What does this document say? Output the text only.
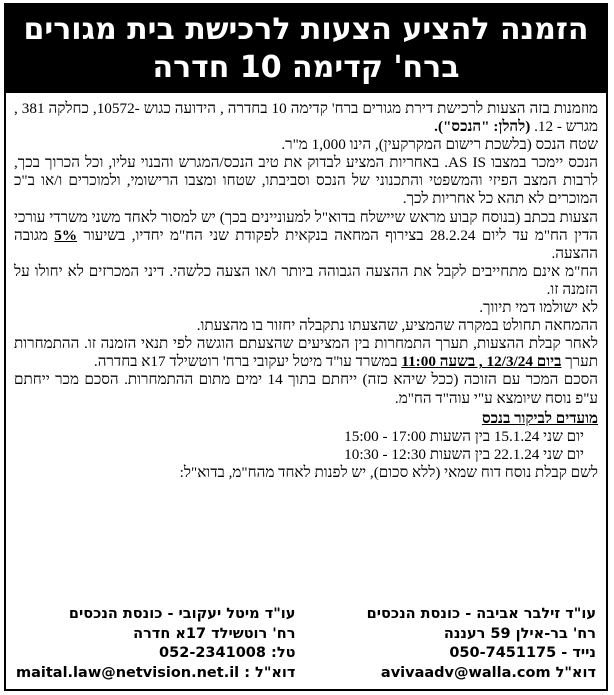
הזמנה להציע הצעות לרכישת בית מגורים
ברח' קדימה 10 חדרה

מוזמנות בזה הצעות לרכישת דירת מגורים ברח' קדימה 10 בחדרה , הידועה כגוש -10572, כחלקה 381 , מגרש - 12. (להלן: "הנכס").

שטח הנכס (בלשכת רישום המקרקעין), הינו 1,000 מ"ר.

הנכס יימכר במצבו AS IS. באחריות המציע לבדוק את טיב הנכס/המגרש והבנוי עליו, וכל הכרוך בכך, לרבות המצב הפיזי והמשפטי והתכנוני של הנכס וסביבתו, שטחו ומצבו הרישומי, ולמוכרים ו/או ב"כ המוכרים לא תהא כל אחריות לכך.

הצעות בכתב (בנוסח קבוע מראש שיישלח בדוא"ל למעוניינים בכך) יש למסור לאחד משני משרדי עורכי הדין הח"מ עד ליום 28.2.24 בצירוף המחאה בנקאית לפקודת שני הח"מ יחדיו, בשיעור 5% מגובה ההצעה.

הח"מ אינם מתחייבים לקבל את ההצעה הגבוהה ביותר ו/או הצעה כלשהי. דיני המכרזים לא יחולו על הזמנה זו.

לא ישולמו דמי תיווך.

ההמחאה תחולט במקרה שהמציע, שהצעתו נתקבלה יחזור בו מהצעתו.

לאחר קבלת ההצעות, תערך התמחרות בין המציעים שהצעתם הוגשה לפי תנאי הזמנה זו. ההתמחרות תערך ביום 12/3/24 , בשעה 11:00 במשרד עו"ד מיטל יעקובי ברח' רוטשילד 17א בחדרה.

הסכם המכר עם הזוכה (ככל שיהא כזה) ייחתם בתוך 14 ימים מתום ההתמחרות. הסכם מכר ייחתם ע"פ נוסח שיומצא ע"י עוה"ד הח"מ.

מועדים לביקור בנכס

יום שני 15.1.24 בין השעות 17:00 - 15:00

יום שני 22.1.24 בין השעות 12:30 - 10:30

לשם קבלת נוסח דוח שמאי (ללא סכום), יש לפנות לאחד מהח"מ, בדוא"ל:

עו"ד זילבר אביבה - כונסת הנכסים
רח' בר-אילן 59 רעננה
נייד - 050-7451175
דוא"ל avivaadv@walla.com
עו"ד מיטל יעקובי - כונסת הנכסים
רח' רוטשילד 17א חדרה
טל: 052-2341008
דוא"ל : maital.law@netvision.net.il
